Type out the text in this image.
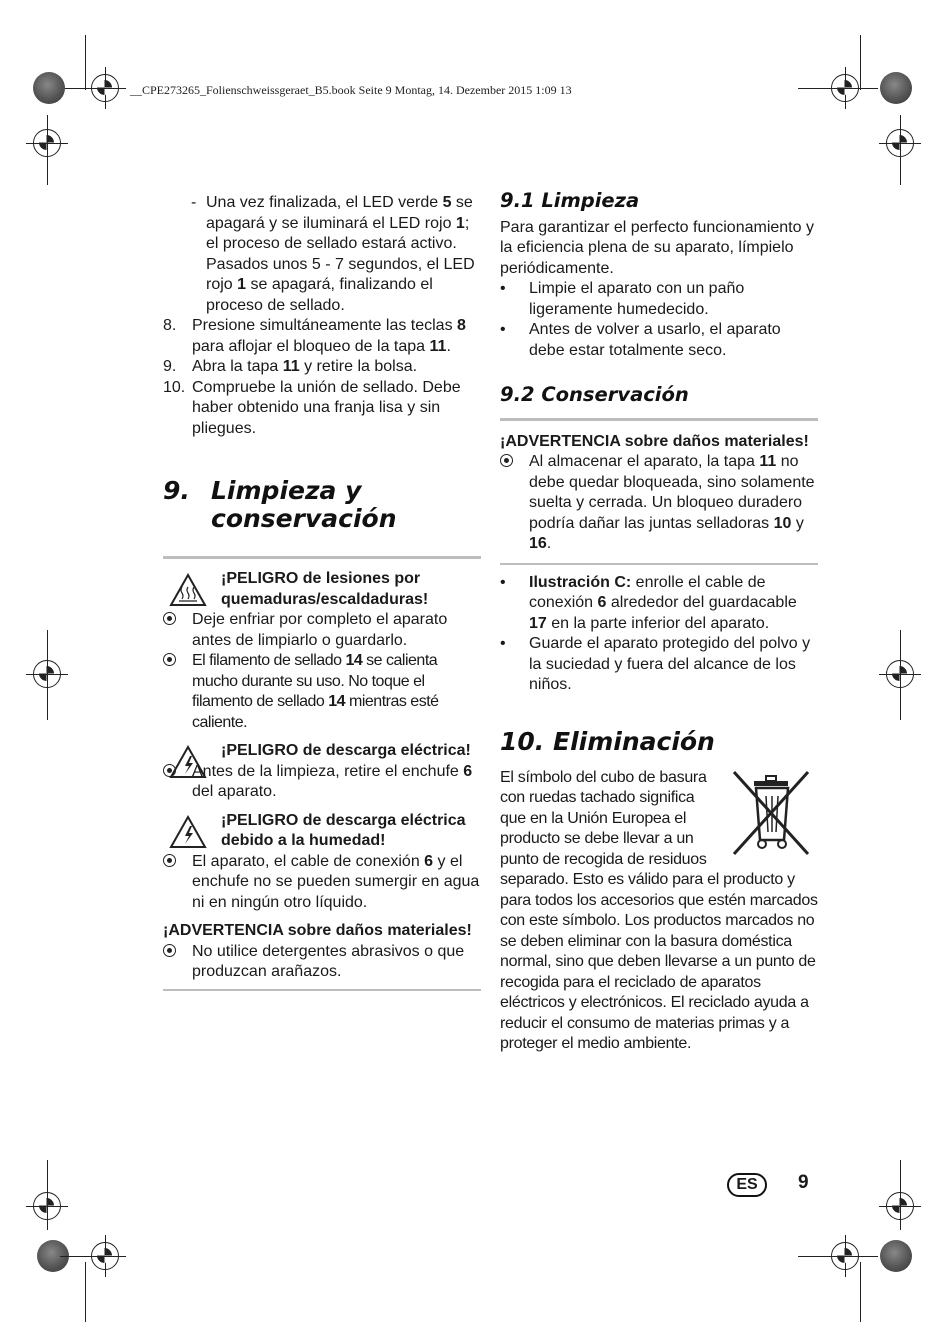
__CPE273265_Folienschweissgeraet_B5.book Seite 9 Montag, 14. Dezember 2015 1:09 13
- Una vez finalizada, el LED verde 5 se apagará y se iluminará el LED rojo 1; el proceso de sellado estará activo. Pasados unos 5 - 7 segundos, el LED rojo 1 se apagará, finalizando el proceso de sellado.
8. Presione simultáneamente las teclas 8 para aflojar el bloqueo de la tapa 11.
9. Abra la tapa 11 y retire la bolsa.
10. Compruebe la unión de sellado. Debe haber obtenido una franja lisa y sin pliegues.
9. Limpieza y
conservación
¡PELIGRO de lesiones por quemaduras/escaldaduras!
Deje enfriar por completo el aparato antes de limpiarlo o guardarlo.
El filamento de sellado 14 se calienta mucho durante su uso. No toque el filamento de sellado 14 mientras esté caliente.
¡PELIGRO de descarga eléctrica!
Antes de la limpieza, retire el enchufe 6 del aparato.
¡PELIGRO de descarga eléctrica debido a la humedad!
El aparato, el cable de conexión 6 y el enchufe no se pueden sumergir en agua ni en ningún otro líquido.
¡ADVERTENCIA sobre daños materiales!
No utilice detergentes abrasivos o que produzcan arañazos.
9.1 Limpieza

Para garantizar el perfecto funcionamiento y la eficiencia plena de su aparato, límpielo periódicamente.

• Limpie el aparato con un paño ligeramente humedecido.
• Antes de volver a usarlo, el aparato debe estar totalmente seco.
9.2 Conservación
¡ADVERTENCIA sobre daños materiales!
Al almacenar el aparato, la tapa 11 no debe quedar bloqueada, sino solamente suelta y cerrada. Un bloqueo duradero podría dañar las juntas selladoras 10 y 16.
• Ilustración C: enrolle el cable de conexión 6 alrededor del guardacable 17 en la parte inferior del aparato.
• Guarde el aparato protegido del polvo y la suciedad y fuera del alcance de los niños.
10. Eliminación

El símbolo del cubo de basura con ruedas tachado significa que en la Unión Europea el producto se debe llevar a un punto de recogida de residuos separado. Esto es válido para el producto y para todos los accesorios que estén marcados con este símbolo. Los productos marcados no se deben eliminar con la basura doméstica normal, sino que deben llevarse a un punto de recogida para el reciclado de aparatos eléctricos y electrónicos. El reciclado ayuda a reducir el consumo de materias primas y a proteger el medio ambiente.

ES	9
